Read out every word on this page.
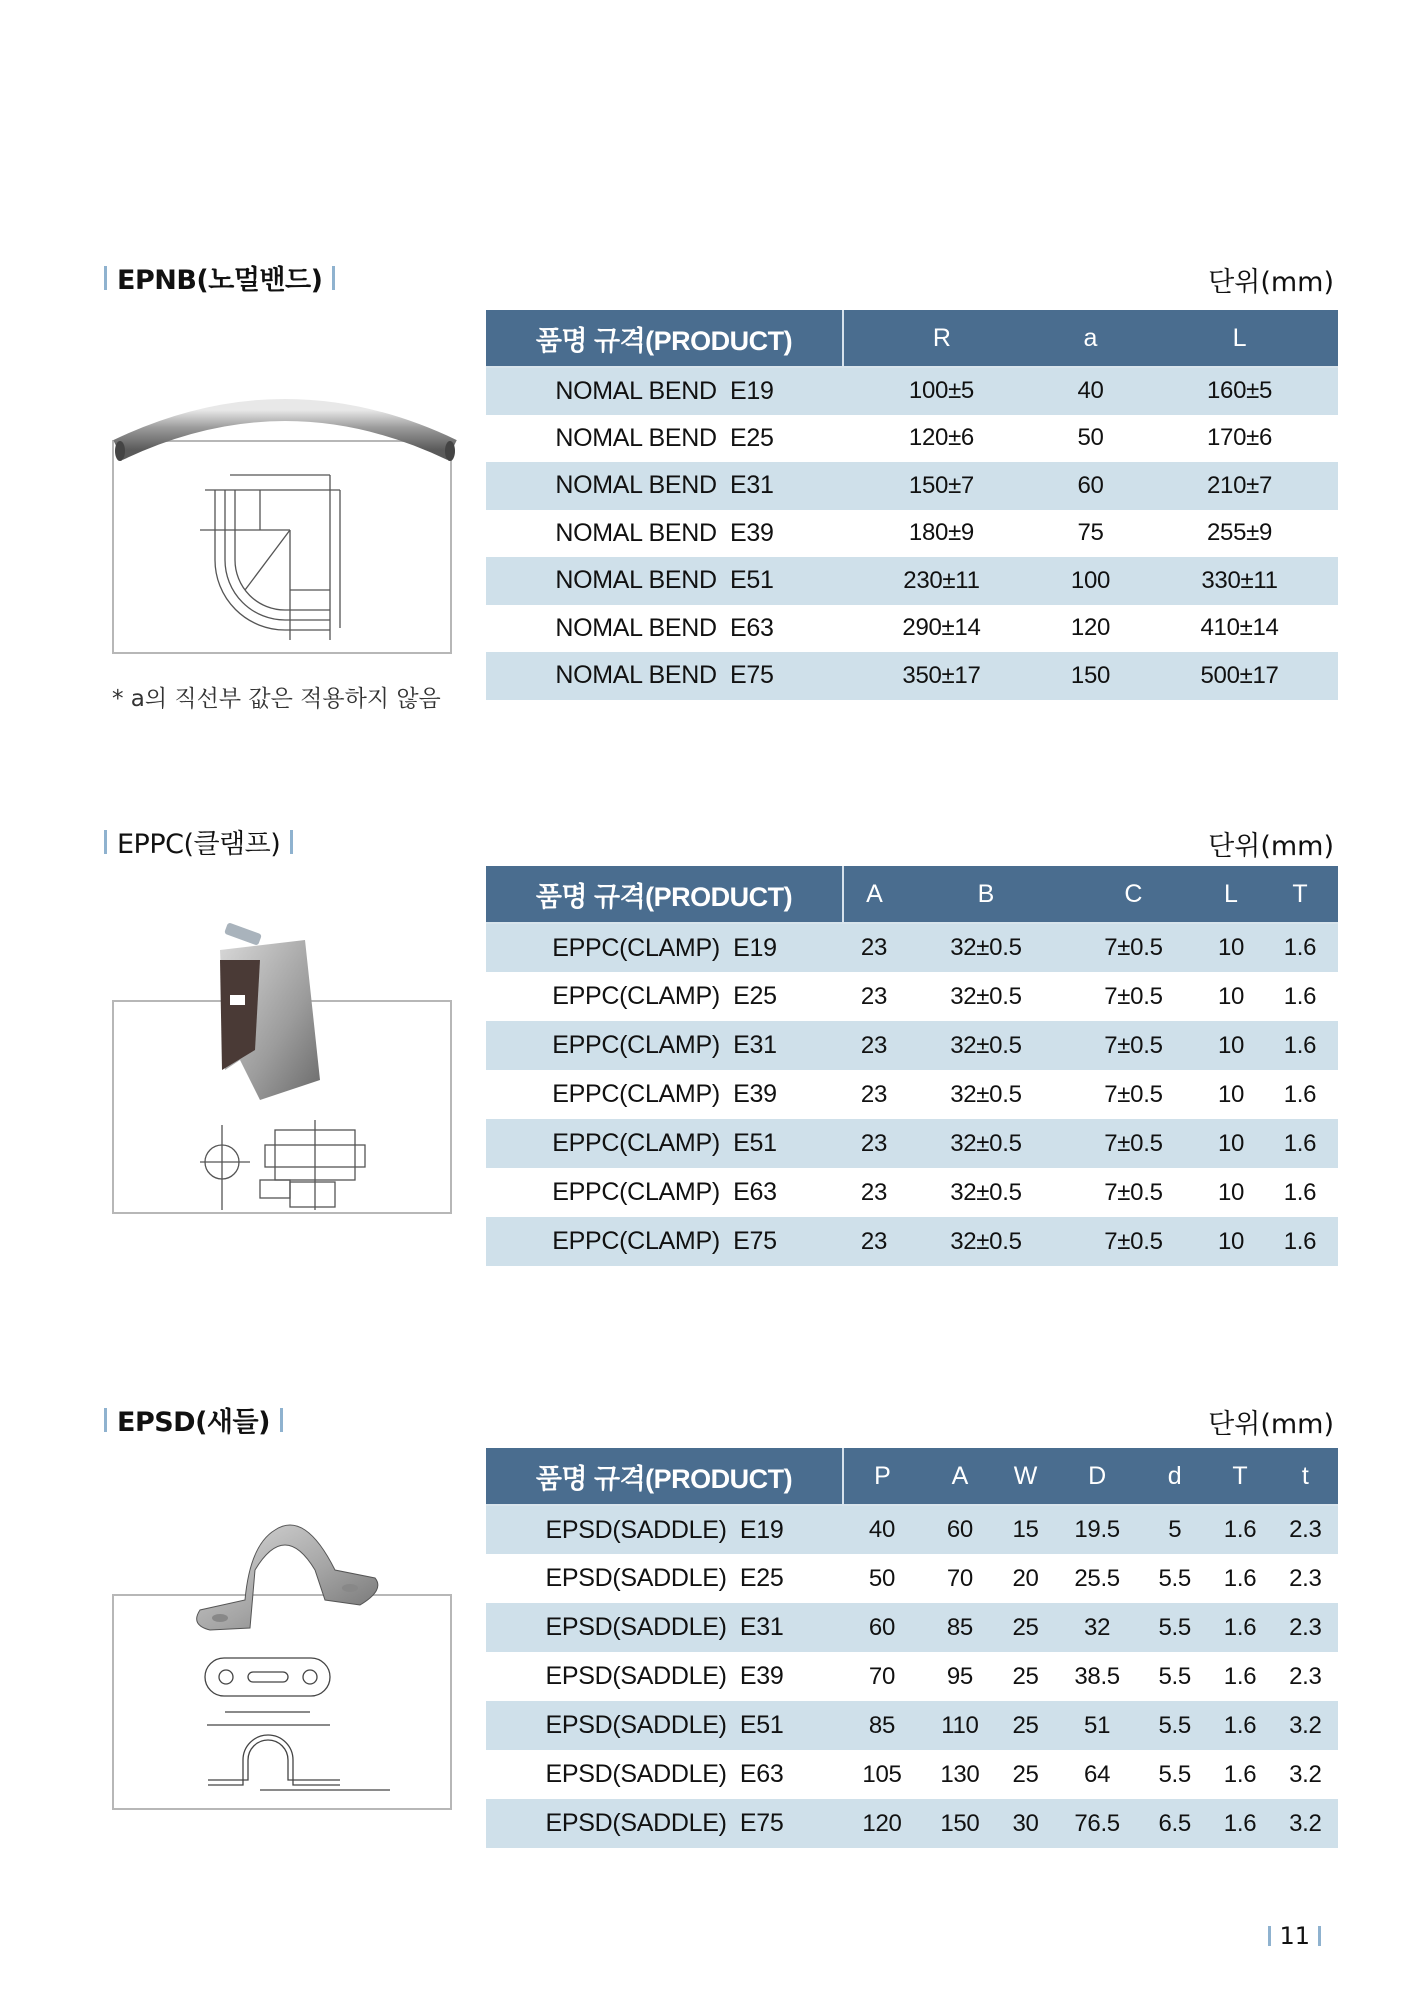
EPNB(노멀밴드)	단위(mm)
* a의 직선부 값은 적용하지 않음
품명 규격(PRODUCT)	R	a	L
NOMAL BEND  E19	100±5	40	160±5
NOMAL BEND  E25	120±6	50	170±6
NOMAL BEND  E31	150±7	60	210±7
NOMAL BEND  E39	180±9	75	255±9
NOMAL BEND  E51	230±11	100	330±11
NOMAL BEND  E63	290±14	120	410±14
NOMAL BEND  E75	350±17	150	500±17
EPPC(클램프)	단위(mm)
품명 규격(PRODUCT)	A	B	C	L	T
EPPC(CLAMP)  E19	23	32±0.5	7±0.5	10	1.6
EPPC(CLAMP)  E25	23	32±0.5	7±0.5	10	1.6
EPPC(CLAMP)  E31	23	32±0.5	7±0.5	10	1.6
EPPC(CLAMP)  E39	23	32±0.5	7±0.5	10	1.6
EPPC(CLAMP)  E51	23	32±0.5	7±0.5	10	1.6
EPPC(CLAMP)  E63	23	32±0.5	7±0.5	10	1.6
EPPC(CLAMP)  E75	23	32±0.5	7±0.5	10	1.6
EPSD(새들)	단위(mm)
품명 규격(PRODUCT)	P	A	W	D	d	T	t
EPSD(SADDLE)  E19	40	60	15	19.5	5	1.6	2.3
EPSD(SADDLE)  E25	50	70	20	25.5	5.5	1.6	2.3
EPSD(SADDLE)  E31	60	85	25	32	5.5	1.6	2.3
EPSD(SADDLE)  E39	70	95	25	38.5	5.5	1.6	2.3
EPSD(SADDLE)  E51	85	110	25	51	5.5	1.6	3.2
EPSD(SADDLE)  E63	105	130	25	64	5.5	1.6	3.2
EPSD(SADDLE)  E75	120	150	30	76.5	6.5	1.6	3.2
11
